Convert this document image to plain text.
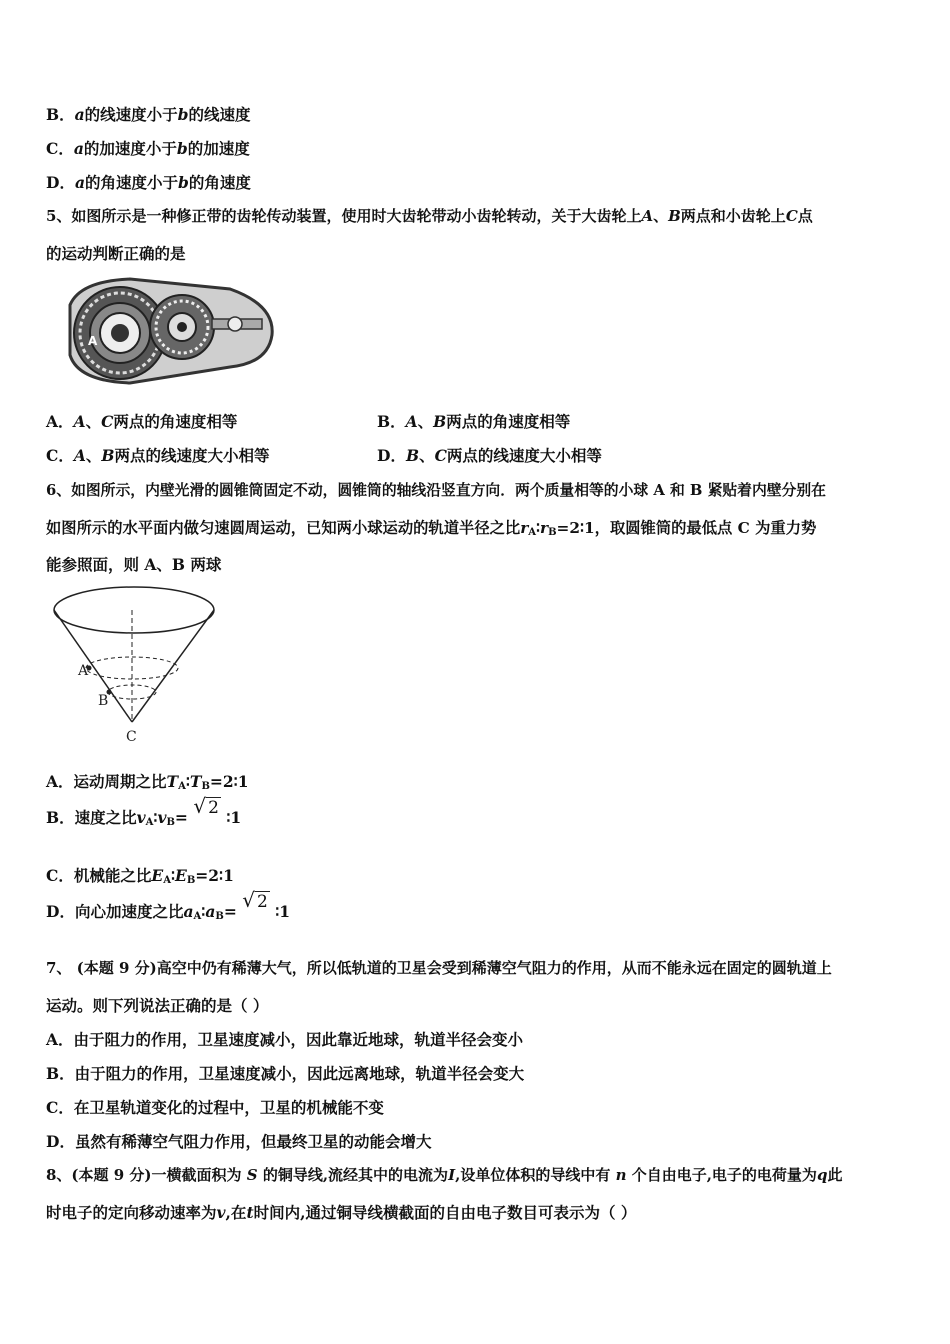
B．a的线速度小于b的线速度
C．a的加速度小于b的加速度
D．a的角速度小于b的角速度
5、如图所示是一种修正带的齿轮传动装置，使用时大齿轮带动小齿轮转动，关于大齿轮上A、B两点和小齿轮上C点
的运动判断正确的是
A
A．A、C两点的角速度相等	B．A、B两点的角速度相等
C．A、B两点的线速度大小相等	D．B、C两点的线速度大小相等
6、如图所示，内壁光滑的圆锥筒固定不动，圆锥筒的轴线沿竖直方向．两个质量相等的小球 A 和 B 紧贴着内壁分别在
如图所示的水平面内做匀速圆周运动，已知两小球运动的轨道半径之比$r_A∶r_B=2∶1$，取圆锥筒的最低点 C 为重力势
能参照面，则 A、B 两球
A
B
C
A．运动周期之比$T_A∶T_B=2∶1$
B．速度之比$v_A∶v_B=$ √ 2 ∶1
C．机械能之比$E_A∶E_B=2∶1$
D．向心加速度之比$a_A∶a_B=$ √ 2 ∶1
7、 (本题 9 分)高空中仍有稀薄大气，所以低轨道的卫星会受到稀薄空气阻力的作用，从而不能永远在固定的圆轨道上
运动。则下列说法正确的是（ ）
A．由于阻力的作用，卫星速度减小，因此靠近地球，轨道半径会变小
B．由于阻力的作用，卫星速度减小，因此远离地球，轨道半径会变大
C．在卫星轨道变化的过程中，卫星的机械能不变
D．虽然有稀薄空气阻力作用，但最终卫星的动能会增大
8、(本题 9 分)一横截面积为 S 的铜导线,流经其中的电流为I,设单位体积的导线中有 n 个自由电子,电子的电荷量为q此
时电子的定向移动速率为v,在t时间内,通过铜导线横截面的自由电子数目可表示为（ ）
